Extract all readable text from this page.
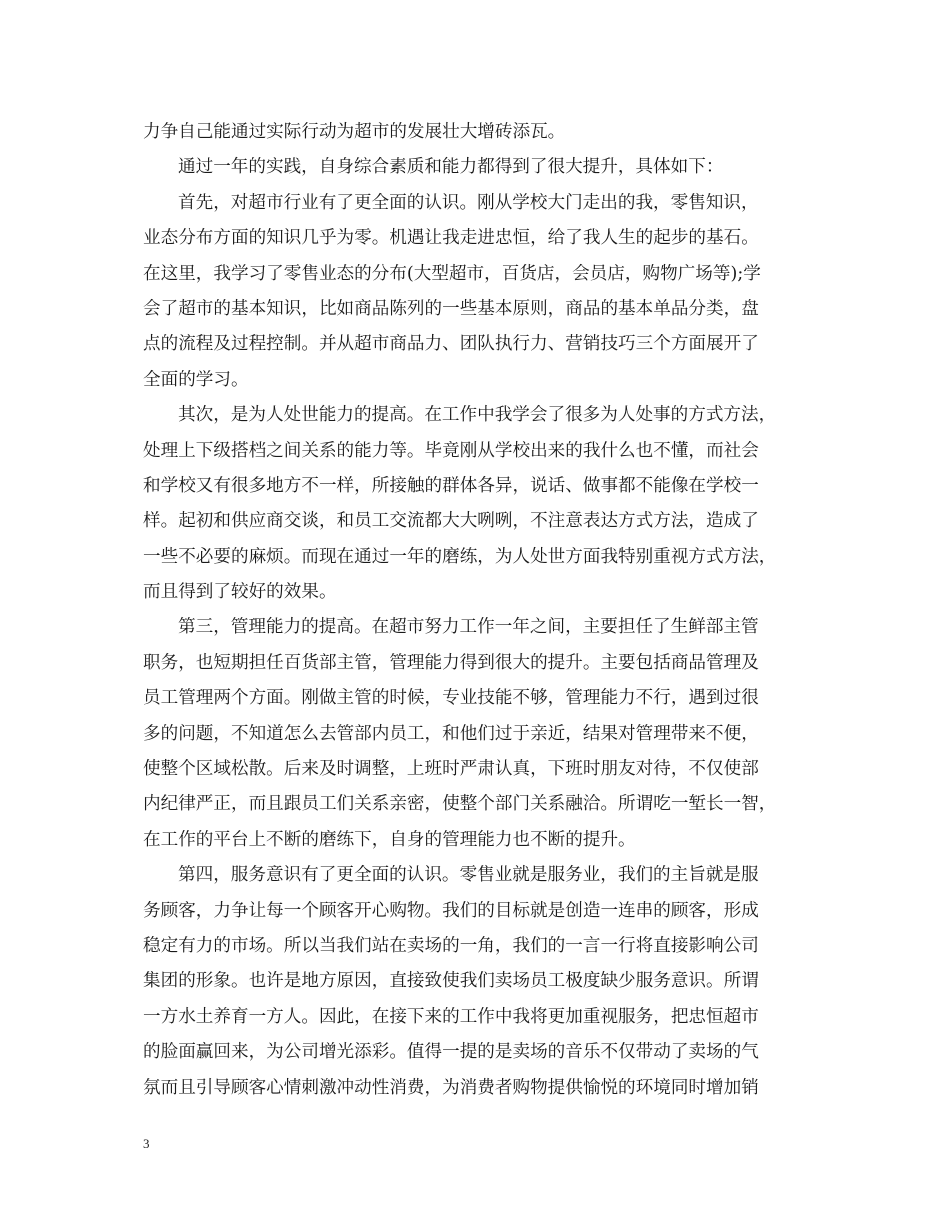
力争自己能通过实际行动为超市的发展壮大增砖添瓦。
通过一年的实践，自身综合素质和能力都得到了很大提升，具体如下：
首先，对超市行业有了更全面的认识。刚从学校大门走出的我，零售知识，
业态分布方面的知识几乎为零。机遇让我走进忠恒，给了我人生的起步的基石。
在这里，我学习了零售业态的分布(大型超市，百货店，会员店，购物广场等);学
会了超市的基本知识，比如商品陈列的一些基本原则，商品的基本单品分类，盘
点的流程及过程控制。并从超市商品力、团队执行力、营销技巧三个方面展开了
全面的学习。
其次，是为人处世能力的提高。在工作中我学会了很多为人处事的方式方法，
处理上下级搭档之间关系的能力等。毕竟刚从学校出来的我什么也不懂，而社会
和学校又有很多地方不一样，所接触的群体各异，说话、做事都不能像在学校一
样。起初和供应商交谈，和员工交流都大大咧咧，不注意表达方式方法，造成了
一些不必要的麻烦。而现在通过一年的磨练，为人处世方面我特别重视方式方法，
而且得到了较好的效果。
第三，管理能力的提高。在超市努力工作一年之间，主要担任了生鲜部主管
职务，也短期担任百货部主管，管理能力得到很大的提升。主要包括商品管理及
员工管理两个方面。刚做主管的时候，专业技能不够，管理能力不行，遇到过很
多的问题，不知道怎么去管部内员工，和他们过于亲近，结果对管理带来不便，
使整个区域松散。后来及时调整，上班时严肃认真，下班时朋友对待，不仅使部
内纪律严正，而且跟员工们关系亲密，使整个部门关系融洽。所谓吃一堑长一智，
在工作的平台上不断的磨练下，自身的管理能力也不断的提升。
第四，服务意识有了更全面的认识。零售业就是服务业，我们的主旨就是服
务顾客，力争让每一个顾客开心购物。我们的目标就是创造一连串的顾客，形成
稳定有力的市场。所以当我们站在卖场的一角，我们的一言一行将直接影响公司
集团的形象。也许是地方原因，直接致使我们卖场员工极度缺少服务意识。所谓
一方水土养育一方人。因此，在接下来的工作中我将更加重视服务，把忠恒超市
的脸面赢回来，为公司增光添彩。值得一提的是卖场的音乐不仅带动了卖场的气
氛而且引导顾客心情刺激冲动性消费，为消费者购物提供愉悦的环境同时增加销
3
